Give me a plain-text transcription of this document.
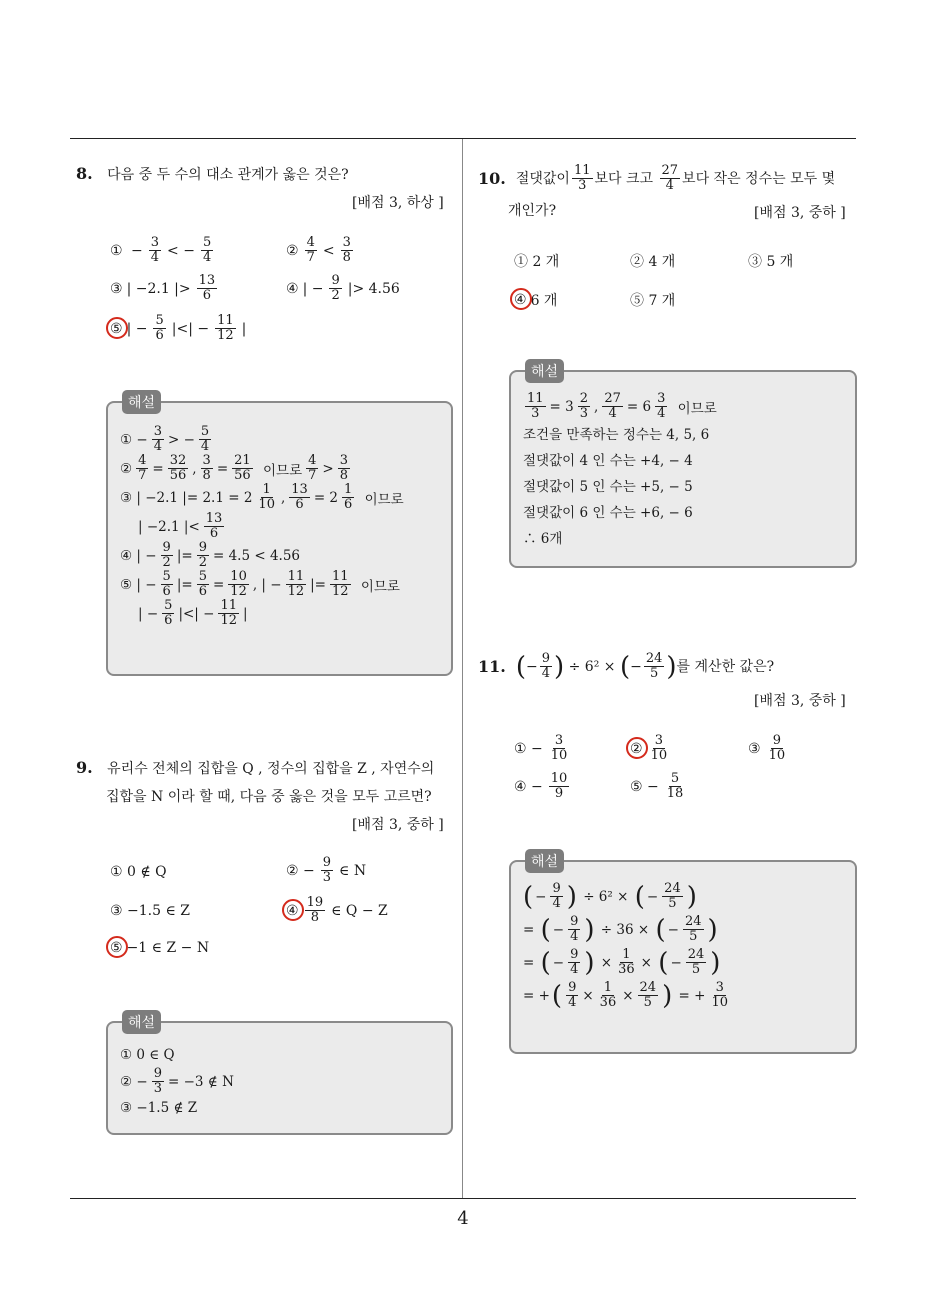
4
8. 다음 중 두 수의 대소 관계가 옳은 것은?
[배점 3, 하상 ]
① − $\frac{3}{4}$ < − $\frac{5}{4}$	② $\frac{4}{7} < \frac{3}{8}$
③ | −2.1 |> $\frac{13}{6}$	④ | − $\frac{9}{2}$ |> 4.56
⑤ | − $\frac{5}{6}$ |<| − $\frac{11}{12}$ |
해설
① − $\frac{3}{4}$ > − $\frac{5}{4}$
② $\frac{4}{7} = \frac{32}{56}$ , $\frac{3}{8} = \frac{21}{56}$
이므로 $\frac{4}{7} > \frac{3}{8}$
③ | −2.1 |= $2.1 = 2 \frac{1}{10}$ , $\frac{13}{6} = 2 \frac{1}{6}$
이므로
| −2.1 |< $\frac{13}{6}$
④ | − $\frac{9}{2}$ |= $\frac{9}{2} = 4.5 < 4.56$
⑤ | − $\frac{5}{6}$ |= $\frac{5}{6} = \frac{10}{12}$ , | − $\frac{11}{12}$ |= $\frac{11}{12}$
이므로
| − $\frac{5}{6}$ |<| − $\frac{11}{12}$ |
9. 유리수 전체의 집합을 Q , 정수의 집합을 Z , 자연수의
집합을 N 이라 할 때, 다음 중 옳은 것을 모두 고르면?
[배점 3, 중하 ]
① 0 ∉ Q	② − $\frac{9}{3}$ ∈ N
③ −1.5 ∈ Z	④ $\frac{19}{8}$ ∈ Q − Z
⑤ −1 ∈ Z − N
해설
① 0 ∈ Q
② − $\frac{9}{3} = -3$ ∉ N
③ −1.5 ∉ Z
10. 절댓값이 $\frac{11}{3}$ 보다 크고
$\frac{27}{4}$ 보다 작은 정수는 모두 몇
개인가?	[배점 3, 중하 ]
① 2 개	② 4 개	③ 5 개
④ 6 개	⑤ 7 개
해설
$\frac{11}{3} = 3 \frac{2}{3}$ , $\frac{27}{4} = 6 \frac{3}{4}$
이므로
조건을 만족하는 정수는 4, 5, 6
절댓값이 4 인 수는 +4, − 4
절댓값이 5 인 수는 +5, − 5
절댓값이 6 인 수는 +6, − 6
∴ 6개
11. ( − $\frac{9}{4}$ ) ÷ 6² × ( − $\frac{24}{5}$ ) 를 계산한 값은?
[배점 3, 중하 ]
① − $\frac{3}{10}$	② $\frac{3}{10}$	③ $\frac{9}{10}$
④ − $\frac{10}{9}$	⑤ − $\frac{5}{18}$
해설
( − $\frac{9}{4}$ ) ÷ 6² × ( − $\frac{24}{5}$ )
= ( − $\frac{9}{4}$ ) ÷ 36 × ( − $\frac{24}{5}$ )
= ( − $\frac{9}{4}$ ) × $\frac{1}{36}$ × ( − $\frac{24}{5}$ )
= + ( $\frac{9}{4} \times \frac{1}{36} \times \frac{24}{5}$ ) = + $\frac{3}{10}$
